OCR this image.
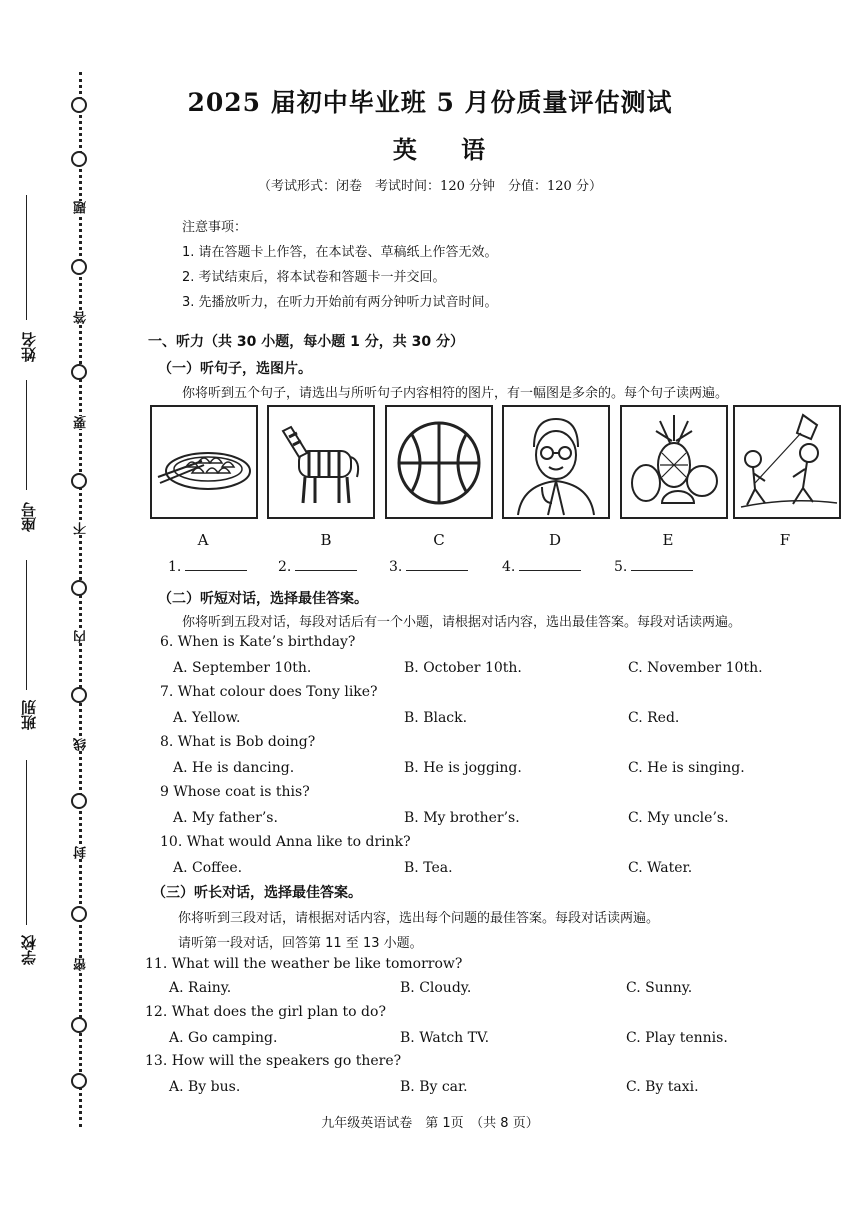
题
答
要
不
内
线
封
密
姓名
座号
班别
学校
2025 届初中毕业班 5 月份质量评估测试
英 语
（考试形式：闭卷　考试时间：120 分钟　分值：120 分）
注意事项：
1. 请在答题卡上作答，在本试卷、草稿纸上作答无效。
2. 考试结束后，将本试卷和答题卡一并交回。
3. 先播放听力，在听力开始前有两分钟听力试音时间。
一、听力（共 30 小题，每小题 1 分，共 30 分）
（一）听句子，选图片。
你将听到五个句子，请选出与所听句子内容相符的图片，有一幅图是多余的。每个句子读两遍。
A	B	C	D	E	F
1.	2.	3.	4.	5.
（二）听短对话，选择最佳答案。
你将听到五段对话，每段对话后有一个小题，请根据对话内容，选出最佳答案。每段对话读两遍。
6. When is Kate’s birthday?
A. September 10th.	B. October 10th.	C. November 10th.
7. What colour does Tony like?
A. Yellow.	B. Black.	C. Red.
8. What is Bob doing?
A. He is dancing.	B. He is jogging.	C. He is singing.
9 Whose coat is this?
A. My father’s.	B. My brother’s.	C. My uncle’s.
10. What would Anna like to drink?
A. Coffee.	B. Tea.	C. Water.
（三）听长对话，选择最佳答案。
你将听到三段对话，请根据对话内容，选出每个问题的最佳答案。每段对话读两遍。
请听第一段对话，回答第 11 至 13 小题。
11. What will the weather be like tomorrow?
A. Rainy.	B. Cloudy.	C. Sunny.
12. What does the girl plan to do?
A. Go camping.	B. Watch TV.	C. Play tennis.
13. How will the speakers go there?
A. By bus.	B. By car.	C. By taxi.
九年级英语试卷　第 1页　（共 8 页）
